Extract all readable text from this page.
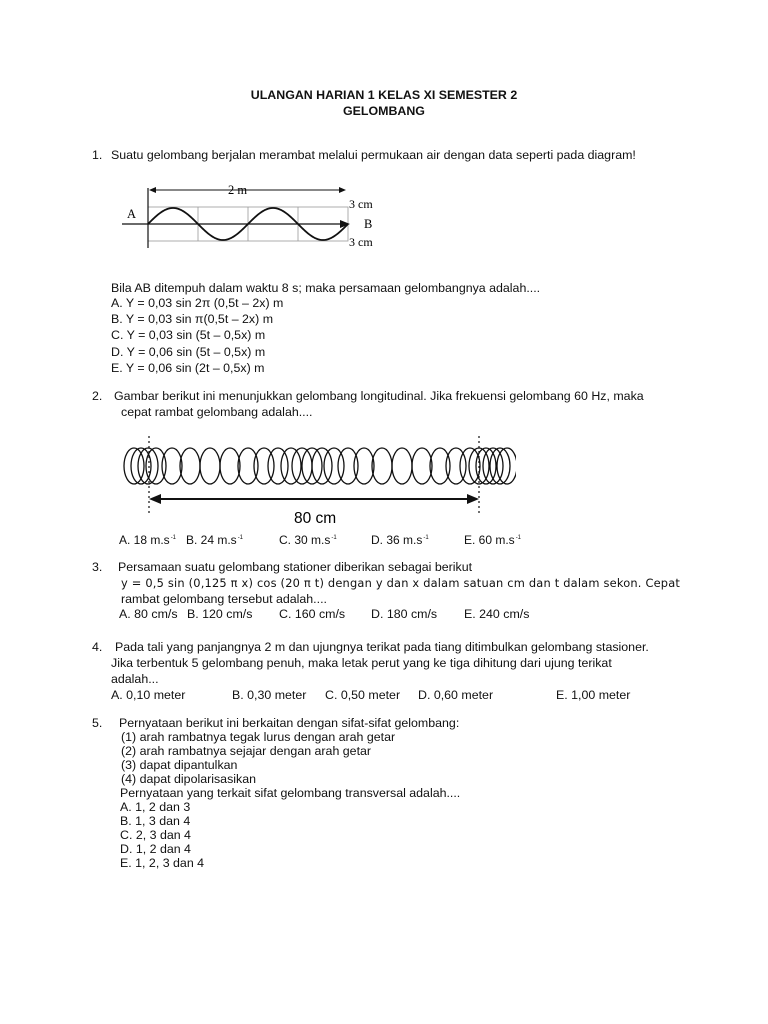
ULANGAN HARIAN 1 KELAS XI SEMESTER 2
GELOMBANG
1. Suatu gelombang berjalan merambat melalui permukaan air dengan data seperti pada diagram!
2 m
A
B
3 cm
3 cm
Bila AB ditempuh dalam waktu 8 s; maka persamaan gelombangnya adalah....
A. Y = 0,03 sin 2π (0,5t – 2x) m
B. Y = 0,03 sin π(0,5t – 2x) m
C. Y = 0,03 sin (5t – 0,5x) m
D. Y = 0,06 sin (5t – 0,5x) m
E. Y = 0,06 sin (2t – 0,5x) m
2. Gambar berikut ini menunjukkan gelombang longitudinal. Jika frekuensi gelombang 60 Hz, maka
cepat rambat gelombang adalah....
80 cm
A. 18 $m.s^{-1}$ B. 24 $m.s^{-1}$	C. 30 $m.s^{-1}$	D. 36 $m.s^{-1}$	E. 60 $m.s^{-1}$
3. Persamaan suatu gelombang stationer diberikan sebagai berikut
y = 0,5 sin (0,125 π x) cos (20 π t) dengan y dan x dalam satuan cm dan t dalam sekon. Cepat
rambat gelombang tersebut adalah....
A. 80 cm/s B. 120 cm/s C. 160 cm/s D. 180 cm/s E. 240 cm/s
4. Pada tali yang panjangnya 2 m dan ujungnya terikat pada tiang ditimbulkan gelombang stasioner.
Jika terbentuk 5 gelombang penuh, maka letak perut yang ke tiga dihitung dari ujung terikat
adalah...
A. 0,10 meter	B. 0,30 meter C. 0,50 meter D. 0,60 meter	E. 1,00 meter
5. Pernyataan berikut ini berkaitan dengan sifat-sifat gelombang:
(1) arah rambatnya tegak lurus dengan arah getar
(2) arah rambatnya sejajar dengan arah getar
(3) dapat dipantulkan
(4) dapat dipolarisasikan
Pernyataan yang terkait sifat gelombang transversal adalah....
A. 1, 2 dan 3
B. 1, 3 dan 4
C. 2, 3 dan 4
D. 1, 2 dan 4
E. 1, 2, 3 dan 4
